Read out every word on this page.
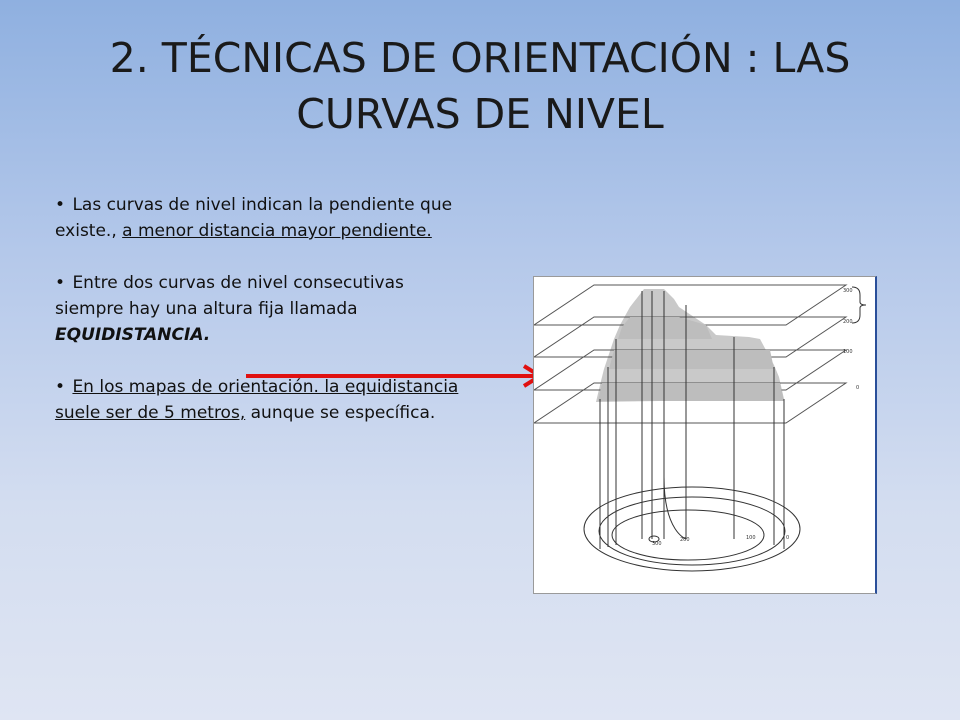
2. TÉCNICAS DE ORIENTACIÓN : LAS
CURVAS DE NIVEL

• Las curvas de nivel indican la pendiente que existe., a menor distancia mayor pendiente.

• Entre dos curvas de nivel consecutivas siempre hay una altura fija llamada EQUIDISTANCIA.

• En los mapas de orientación. la equidistancia suele ser de 5 metros, aunque se específica.

300
200
100
0
300
200	100	0
